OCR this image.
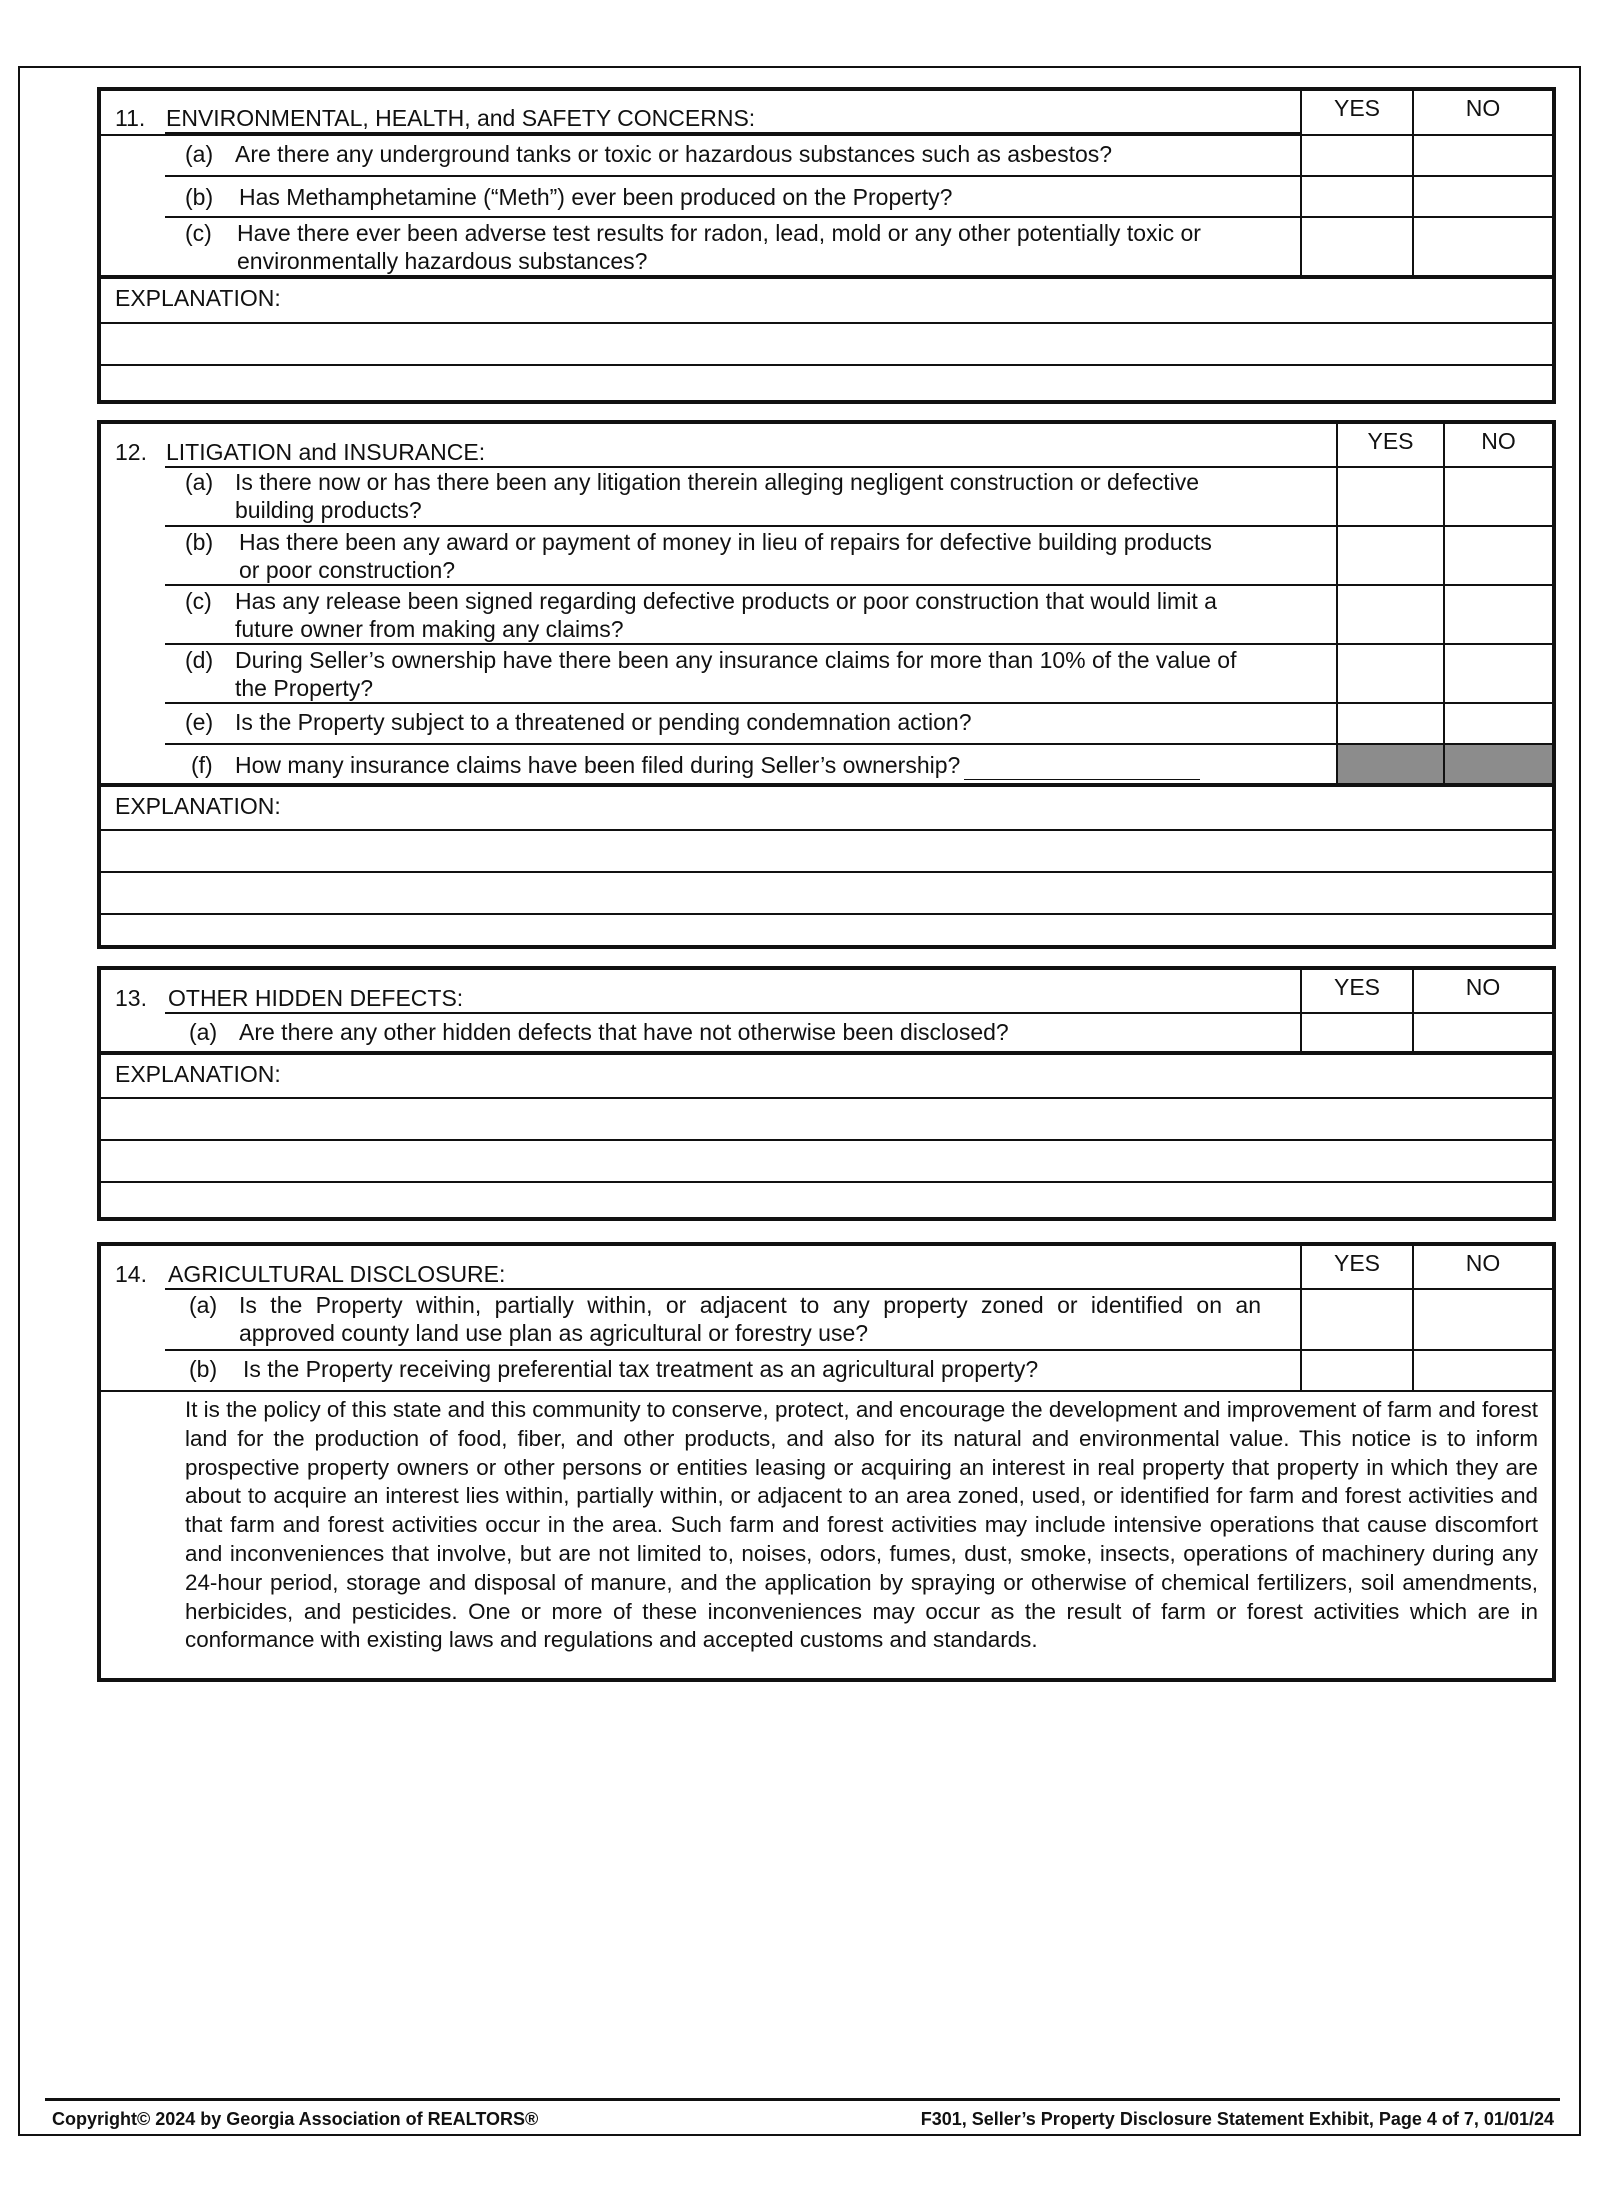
11. ENVIRONMENTAL, HEALTH, and SAFETY CONCERNS:	YES	NO
(a) Are there any underground tanks or toxic or hazardous substances such as asbestos?
(b) Has Methamphetamine (“Meth”) ever been produced on the Property?
(c) Have there ever been adverse test results for radon, lead, mold or any other potentially toxic or
environmentally hazardous substances?
EXPLANATION:
12. LITIGATION and INSURANCE:	YES	NO
(a) Is there now or has there been any litigation therein alleging negligent construction or defective
building products?
(b) Has there been any award or payment of money in lieu of repairs for defective building products
or poor construction?
(c) Has any release been signed regarding defective products or poor construction that would limit a
future owner from making any claims?
(d) During Seller’s ownership have there been any insurance claims for more than 10% of the value of
the Property?
(e) Is the Property subject to a threatened or pending condemnation action?
(f) How many insurance claims have been filed during Seller’s ownership?
EXPLANATION:
13. OTHER HIDDEN DEFECTS:	YES	NO
(a) Are there any other hidden defects that have not otherwise been disclosed?
EXPLANATION:
14. AGRICULTURAL DISCLOSURE:	YES	NO
(a) Is the Property within, partially within, or adjacent to any property zoned or identified on an
approved county land use plan as agricultural or forestry use?
(b) Is the Property receiving preferential tax treatment as an agricultural property?
It is the policy of this state and this community to conserve, protect, and encourage the development and improvement of farm and forest land for the production of food, fiber, and other products, and also for its natural and environmental value. This notice is to inform prospective property owners or other persons or entities leasing or acquiring an interest in real property that property in which they are about to acquire an interest lies within, partially within, or adjacent to an area zoned, used, or identified for farm and forest activities and that farm and forest activities occur in the area. Such farm and forest activities may include intensive operations that cause discomfort and inconveniences that involve, but are not limited to, noises, odors, fumes, dust, smoke, insects, operations of machinery during any 24-hour period, storage and disposal of manure, and the application by spraying or otherwise of chemical fertilizers, soil amendments, herbicides, and pesticides. One or more of these inconveniences may occur as the result of farm or forest activities which are in conformance with existing laws and regulations and accepted customs and standards.
Copyright© 2024 by Georgia Association of REALTORS®	F301, Seller’s Property Disclosure Statement Exhibit, Page 4 of 7, 01/01/24
